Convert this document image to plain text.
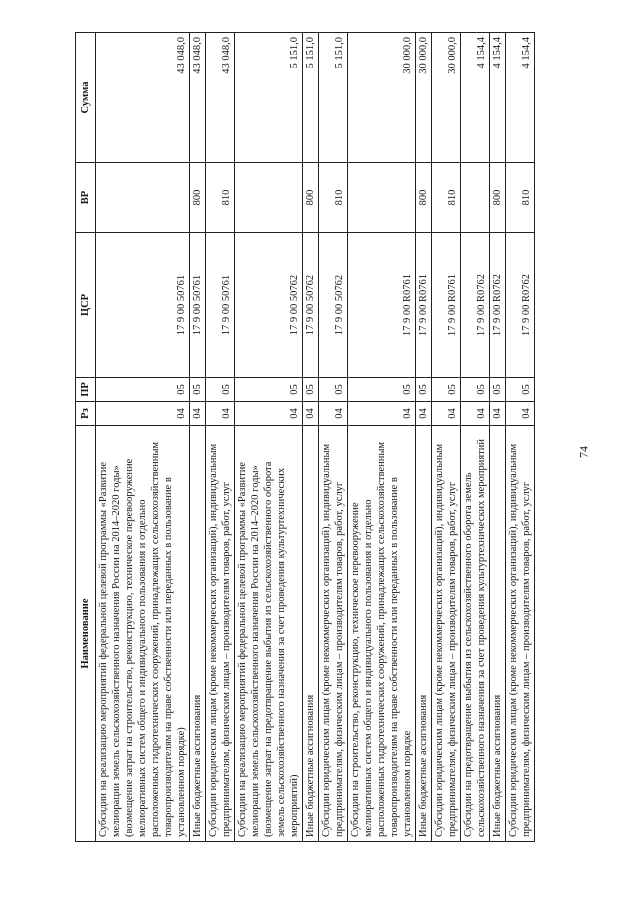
74
Наименование	Рз	ПР	ЦСР	ВР	Сумма
Субсидии на реализацию мероприятий федеральной целевой программы «Развитие мелиорации земель сельскохозяйственного назначения России на 2014–2020 годы» (возмещение затрат на строительство, реконструкцию, техническое перевооружение мелиоративных систем общего и индивидуального пользования и отдельно расположенных гидротехнических сооружений, принадлежащих сельскохозяйственным товаропроизводителям на праве собственности или переданных в пользование в установленном порядке)	04	05	17 9 00 50761		43 048,0
Иные бюджетные ассигнования	04	05	17 9 00 50761	800	43 048,0
Субсидии юридическим лицам (кроме некоммерческих организаций), индивидуальным предпринимателям, физическим лицам – производителям товаров, работ, услуг	04	05	17 9 00 50761	810	43 048,0
Субсидии на реализацию мероприятий федеральной целевой программы «Развитие мелиорации земель сельскохозяйственного назначения России на 2014–2020 годы» (возмещение затрат на предотвращение выбытия из сельскохозяйственного оборота земель сельскохозяйственного назначения за счет проведения культуртехнических мероприятий)	04	05	17 9 00 50762		5 151,0
Иные бюджетные ассигнования	04	05	17 9 00 50762	800	5 151,0
Субсидии юридическим лицам (кроме некоммерческих организаций), индивидуальным предпринимателям, физическим лицам – производителям товаров, работ, услуг	04	05	17 9 00 50762	810	5 151,0
Субсидии на строительство, реконструкцию, техническое перевооружение мелиоративных систем общего и индивидуального пользования и отдельно расположенных гидротехнических сооружений, принадлежащих сельскохозяйственным товаропроизводителям на праве собственности или переданных в пользование в установленном порядке	04	05	17 9 00 R0761		30 000,0
Иные бюджетные ассигнования	04	05	17 9 00 R0761	800	30 000,0
Субсидии юридическим лицам (кроме некоммерческих организаций), индивидуальным предпринимателям, физическим лицам – производителям товаров, работ, услуг	04	05	17 9 00 R0761	810	30 000,0
Субсидии на предотвращение выбытия из сельскохозяйственного оборота земель сельскохозяйственного назначения за счет проведения культуртехнических мероприятий	04	05	17 9 00 R0762		4 154,4
Иные бюджетные ассигнования	04	05	17 9 00 R0762	800	4 154,4
Субсидии юридическим лицам (кроме некоммерческих организаций), индивидуальным предпринимателям, физическим лицам – производителям товаров, работ, услуг	04	05	17 9 00 R0762	810	4 154,4
